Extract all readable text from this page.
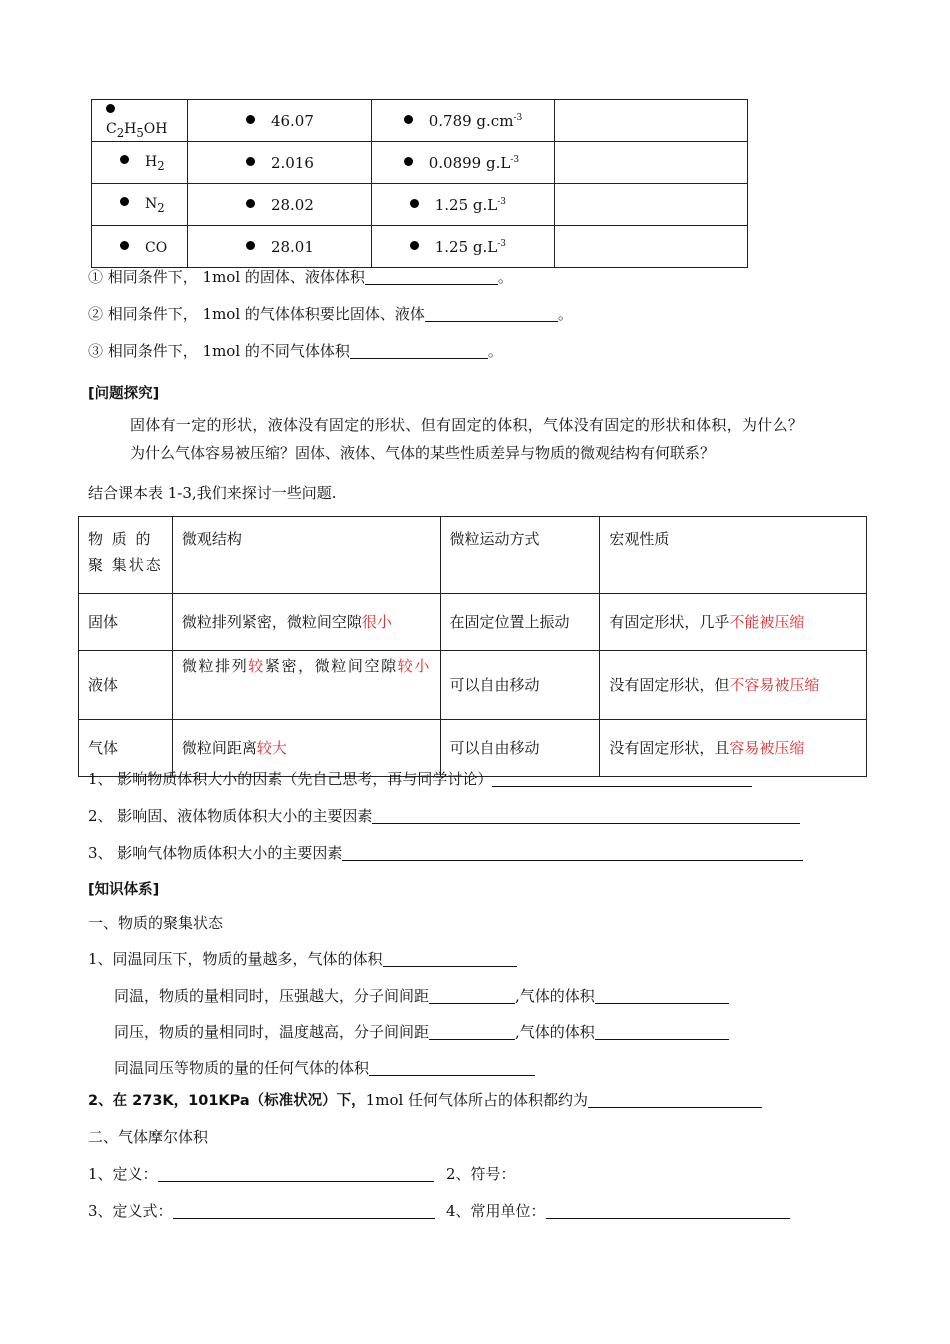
$C_2H_5OH$	46.07	0.789 $g.cm^{-3}$	
$H_2$	2.016	0.0899 $g.L^{-3}$	
$N_2$	28.02	1.25 $g.L^{-3}$	
CO	28.01	1.25 $g.L^{-3}$	
① 相同条件下， 1mol 的固体、液体体积	。
② 相同条件下， 1mol 的气体体积要比固体、液体	。
③ 相同条件下， 1mol 的不同气体体积	。
[问题探究]
固体有一定的形状，液体没有固定的形状、但有固定的体积，气体没有固定的形状和体积，为什么？
为什么气体容易被压缩？固体、液体、气体的某些性质差异与物质的微观结构有何联系？
结合课本表 1-3,我们来探讨一些问题.
物 质 的 聚 集状态	微观结构	微粒运动方式	宏观性质
固体	微粒排列紧密，微粒间空隙很小	在固定位置上振动	有固定形状，几乎不能被压缩
液体	微粒排列较紧密，微粒间空隙较小	可以自由移动	没有固定形状，但不容易被压缩
气体	微粒间距离较大	可以自由移动	没有固定形状，且容易被压缩
1、 影响物质体积大小的因素（先自己思考，再与同学讨论）
2、 影响固、液体物质体积大小的主要因素
3、 影响气体物质体积大小的主要因素
[知识体系]
一、物质的聚集状态
1、同温同压下，物质的量越多，气体的体积
同温，物质的量相同时，压强越大，分子间间距	,气体的体积
同压，物质的量相同时，温度越高，分子间间距	,气体的体积
同温同压等物质的量的任何气体的体积
2、在 273K，101KPa（标准状况）下，1mol 任何气体所占的体积都约为
二、气体摩尔体积
1、定义：	2、符号：
3、定义式：	4、常用单位：
